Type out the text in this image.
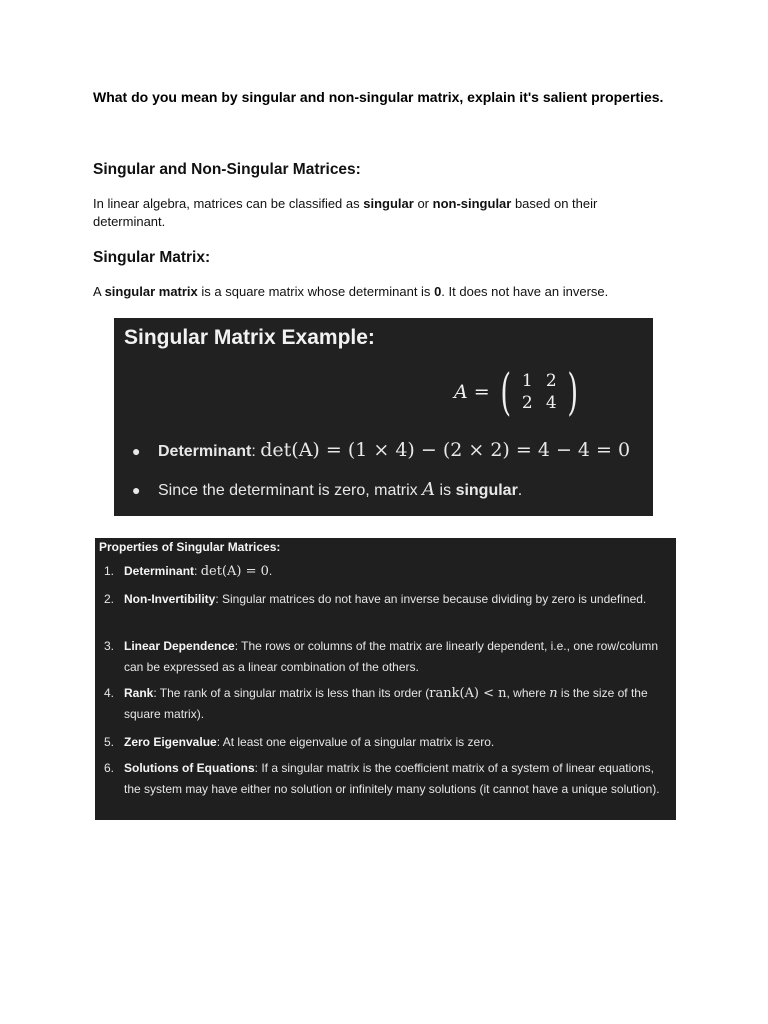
What do you mean by singular and non-singular matrix, explain it's salient properties.
Singular and Non-Singular Matrices:
In linear algebra, matrices can be classified as singular or non-singular based on their determinant.
Singular Matrix:
A singular matrix is a square matrix whose determinant is 0. It does not have an inverse.
Singular Matrix Example:
A = ( 1 2
2 4 )
●	Determinant: det(A) = (1 × 4) − (2 × 2) = 4 − 4 = 0
●	Since the determinant is zero, matrix A is singular.
Properties of Singular Matrices:
1. Determinant: det(A) = 0.
2. Non-Invertibility: Singular matrices do not have an inverse because dividing by zero is undefined.
3. Linear Dependence: The rows or columns of the matrix are linearly dependent, i.e., one row/column can be expressed as a linear combination of the others.
4. Rank: The rank of a singular matrix is less than its order (rank(A) < n, where n is the size of the square matrix).
5. Zero Eigenvalue: At least one eigenvalue of a singular matrix is zero.
6. Solutions of Equations: If a singular matrix is the coefficient matrix of a system of linear equations, the system may have either no solution or infinitely many solutions (it cannot have a unique solution).
